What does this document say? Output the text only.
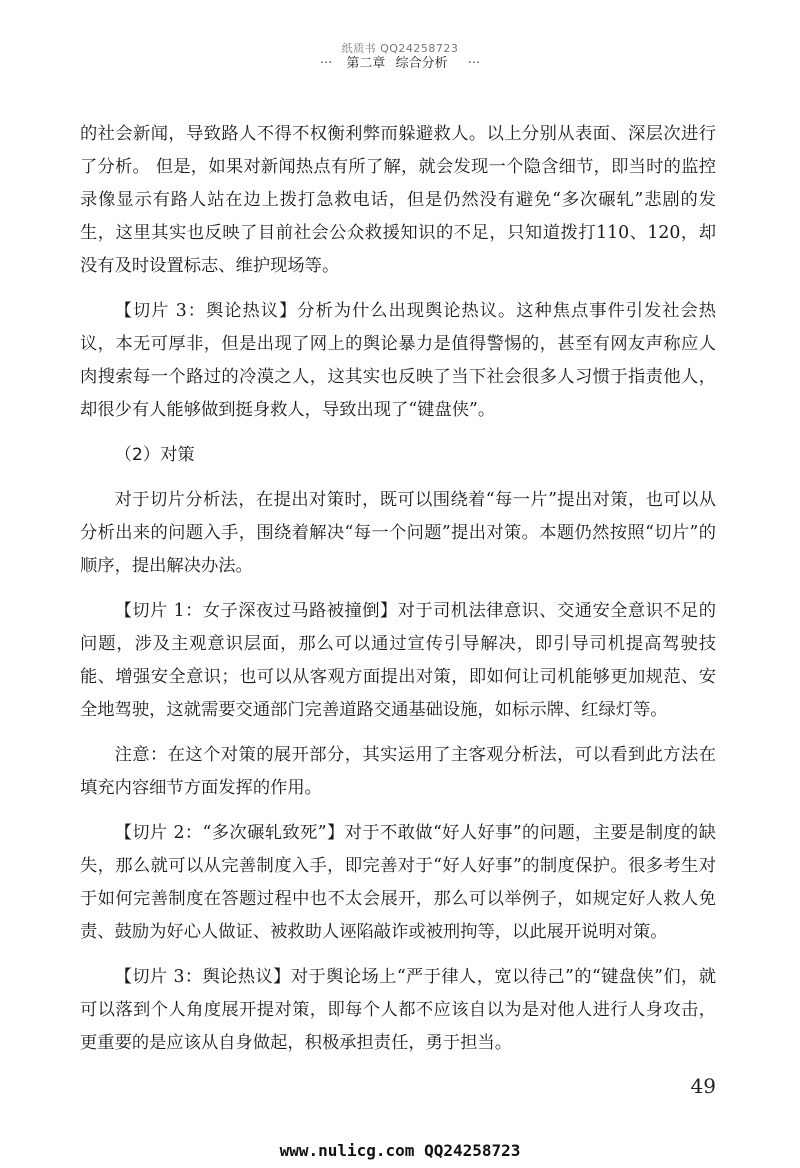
纸质书 QQ24258723
··· 第二章 综合分析 ···

的社会新闻，导致路人不得不权衡利弊而躲避救人。以上分别从表面、深层次进行了分析。 但是，如果对新闻热点有所了解，就会发现一个隐含细节，即当时的监控录像显示有路人站在边上拨打急救电话，但是仍然没有避免“多次碾轧”悲剧的发生，这里其实也反映了目前社会公众救援知识的不足，只知道拨打110、120，却没有及时设置标志、维护现场等。

【切片 3：舆论热议】分析为什么出现舆论热议。这种焦点事件引发社会热议，本无可厚非，但是出现了网上的舆论暴力是值得警惕的，甚至有网友声称应人肉搜索每一个路过的冷漠之人，这其实也反映了当下社会很多人习惯于指责他人，却很少有人能够做到挺身救人，导致出现了“键盘侠”。

（2）对策

对于切片分析法，在提出对策时，既可以围绕着“每一片”提出对策，也可以从分析出来的问题入手，围绕着解决“每一个问题”提出对策。本题仍然按照“切片”的顺序，提出解决办法。

【切片 1：女子深夜过马路被撞倒】对于司机法律意识、交通安全意识不足的问题，涉及主观意识层面，那么可以通过宣传引导解决，即引导司机提高驾驶技能、增强安全意识；也可以从客观方面提出对策，即如何让司机能够更加规范、安全地驾驶，这就需要交通部门完善道路交通基础设施，如标示牌、红绿灯等。

注意：在这个对策的展开部分，其实运用了主客观分析法，可以看到此方法在填充内容细节方面发挥的作用。

【切片 2：“多次碾轧致死”】对于不敢做“好人好事”的问题，主要是制度的缺失，那么就可以从完善制度入手，即完善对于“好人好事”的制度保护。很多考生对于如何完善制度在答题过程中也不太会展开，那么可以举例子，如规定好人救人免责、鼓励为好心人做证、被救助人诬陷敲诈或被刑拘等，以此展开说明对策。

【切片 3：舆论热议】对于舆论场上“严于律人，宽以待己”的“键盘侠”们，就可以落到个人角度展开提对策，即每个人都不应该自以为是对他人进行人身攻击，更重要的是应该从自身做起，积极承担责任，勇于担当。

49
www.nulicg.com QQ24258723
